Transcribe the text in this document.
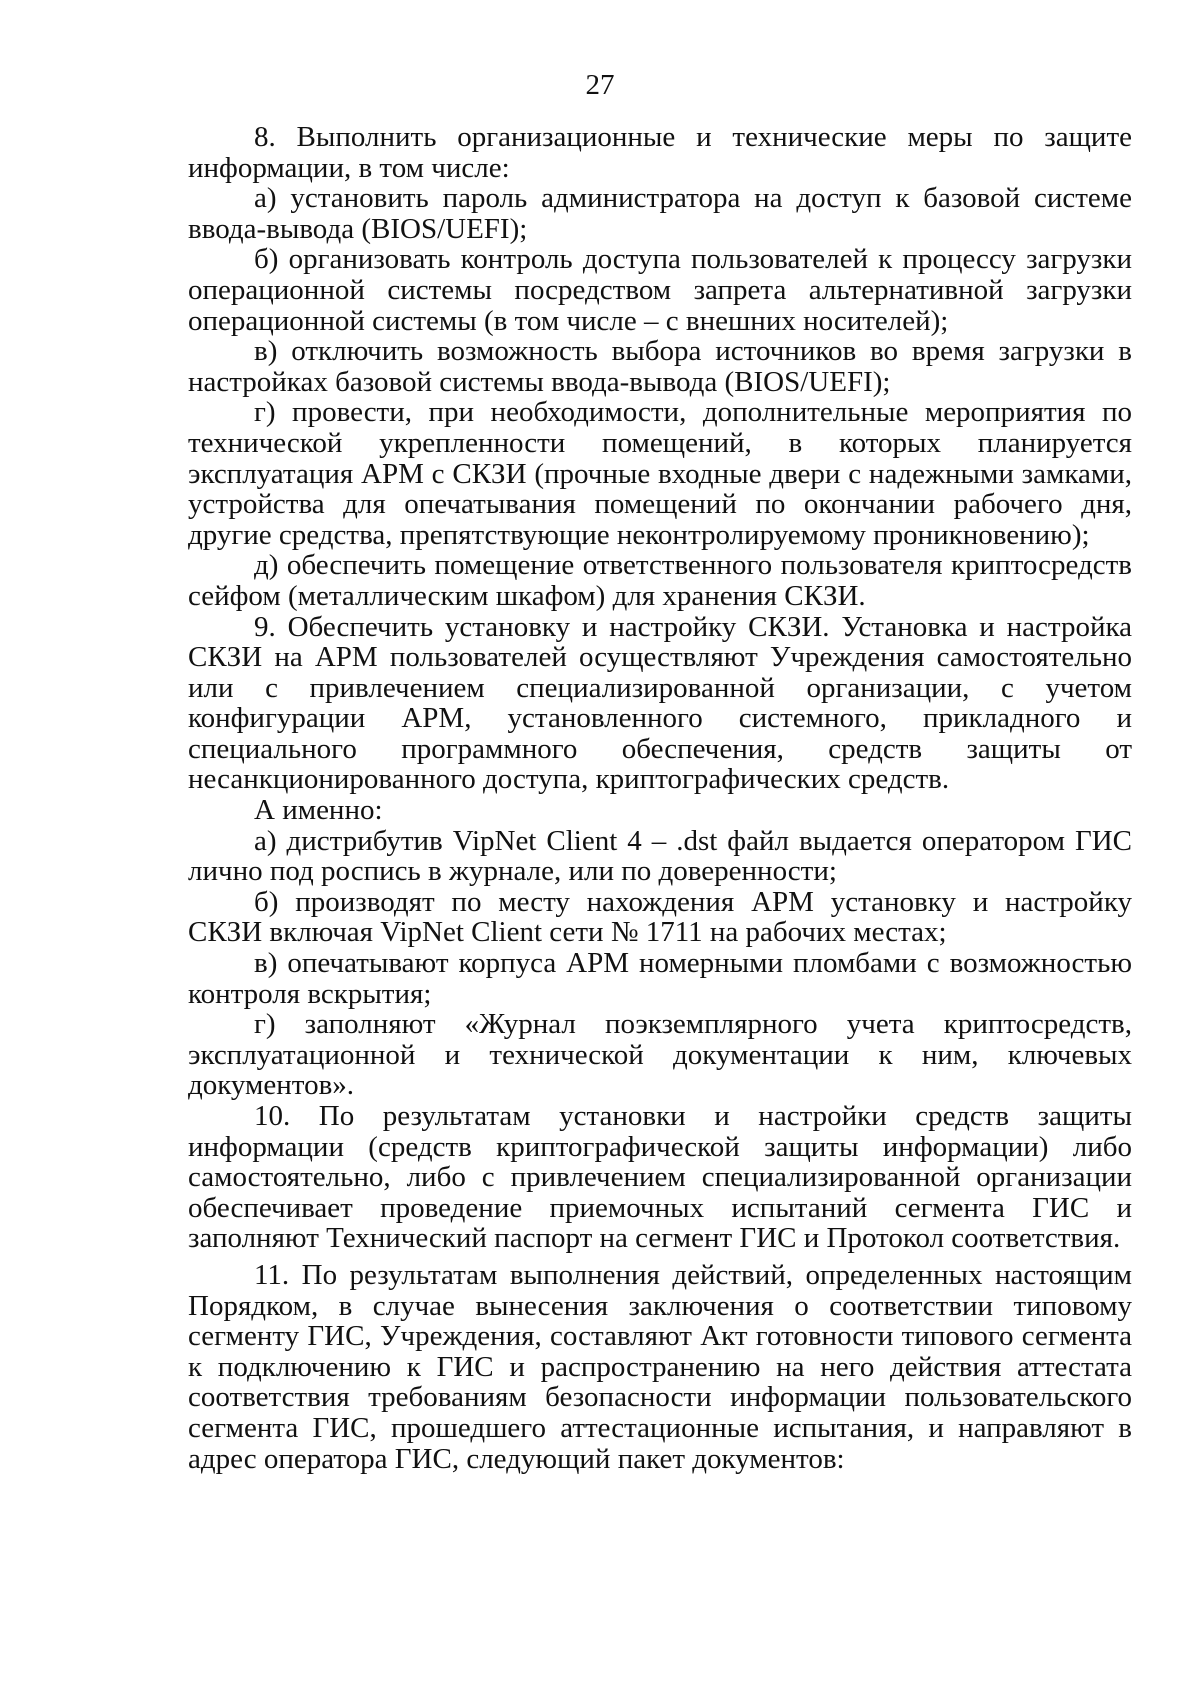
27

8. Выполнить организационные и технические меры по защите информации, в том числе:

а) установить пароль администратора на доступ к базовой системе ввода-вывода (BIOS/UEFI);

б) организовать контроль доступа пользователей к процессу загрузки операционной системы посредством запрета альтернативной загрузки операционной системы (в том числе – с внешних носителей);

в) отключить возможность выбора источников во время загрузки в настройках базовой системы ввода-вывода (BIOS/UEFI);

г) провести, при необходимости, дополнительные мероприятия по технической укрепленности помещений, в которых планируется эксплуатация АРМ с СКЗИ (прочные входные двери с надежными замками, устройства для опечатывания помещений по окончании рабочего дня, другие средства, препятствующие неконтролируемому проникновению);

д) обеспечить помещение ответственного пользователя криптосредств сейфом (металлическим шкафом) для хранения СКЗИ.

9. Обеспечить установку и настройку СКЗИ. Установка и настройка СКЗИ на АРМ пользователей осуществляют Учреждения самостоятельно или с привлечением специализированной организации, с учетом конфигурации АРМ, установленного системного, прикладного и специального программного обеспечения, средств защиты от несанкционированного доступа, криптографических средств.

А именно:

а) дистрибутив VipNet Client 4 – .dst файл выдается оператором ГИС лично под роспись в журнале, или по доверенности;

б) производят по месту нахождения АРМ установку и настройку СКЗИ включая VipNet Client сети № 1711 на рабочих местах;

в) опечатывают корпуса АРМ номерными пломбами с возможностью контроля вскрытия;

г) заполняют «Журнал поэкземплярного учета криптосредств, эксплуатационной и технической документации к ним, ключевых документов».

10. По результатам установки и настройки средств защиты информации (средств криптографической защиты информации) либо самостоятельно, либо с привлечением специализированной организации обеспечивает проведение приемочных испытаний сегмента ГИС и заполняют Технический паспорт на сегмент ГИС и Протокол соответствия.

11. По результатам выполнения действий, определенных настоящим Порядком, в случае вынесения заключения о соответствии типовому сегменту ГИС, Учреждения, составляют Акт готовности типового сегмента к подключению к ГИС и распространению на него действия аттестата соответствия требованиям безопасности информации пользовательского сегмента ГИС, прошедшего аттестационные испытания, и направляют в адрес оператора ГИС, следующий пакет документов:
